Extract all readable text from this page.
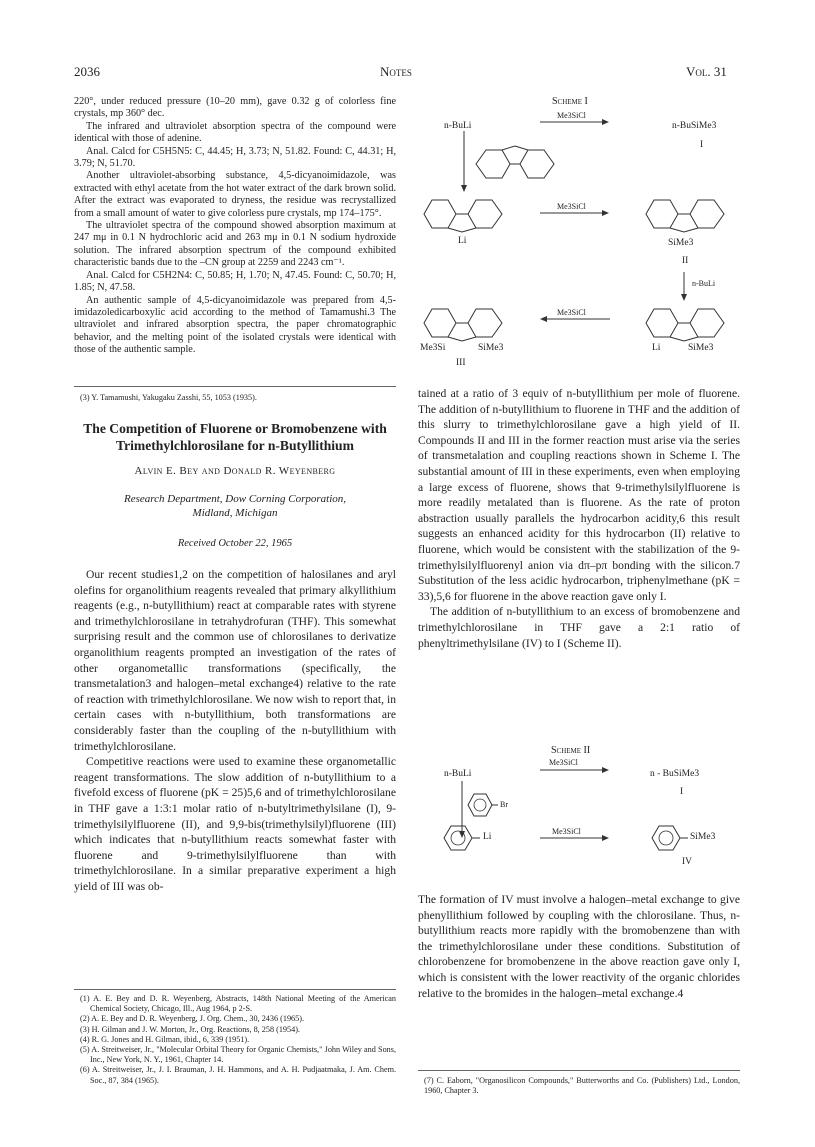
2036	Notes	Vol. 31

220°, under reduced pressure (10–20 mm), gave 0.32 g of colorless fine crystals, mp 360° dec.

The infrared and ultraviolet absorption spectra of the compound were identical with those of adenine.

Anal. Calcd for C5H5N5: C, 44.45; H, 3.73; N, 51.82. Found: C, 44.31; H, 3.79; N, 51.70.

Another ultraviolet-absorbing substance, 4,5-dicyanoimidazole, was extracted with ethyl acetate from the hot water extract of the dark brown solid. After the extract was evaporated to dryness, the residue was recrystallized from a small amount of water to give colorless pure crystals, mp 174–175°.

The ultraviolet spectra of the compound showed absorption maximum at 247 mμ in 0.1 N hydrochloric acid and 263 mμ in 0.1 N sodium hydroxide solution. The infrared absorption spectrum of the compound exhibited characteristic bands due to the –CN group at 2259 and 2243 cm⁻¹.

Anal. Calcd for C5H2N4: C, 50.85; H, 1.70; N, 47.45. Found: C, 50.70; H, 1.85; N, 47.58.

An authentic sample of 4,5-dicyanoimidazole was prepared from 4,5-imidazoledicarboxylic acid according to the method of Tamamushi.3 The ultraviolet and infrared absorption spectra, the paper chromatographic behavior, and the melting point of the isolated crystals were identical with those of the authentic sample.

(3) Y. Tamamushi, Yakugaku Zasshi, 55, 1053 (1935).
The Competition of Fluorene or Bromobenzene with Trimethylchlorosilane for n-Butyllithium
Alvin E. Bey and Donald R. Weyenberg
Research Department, Dow Corning Corporation,
Midland, Michigan
Received October 22, 1965

Our recent studies1,2 on the competition of halosilanes and aryl olefins for organolithium reagents revealed that primary alkyllithium reagents (e.g., n-butyllithium) react at comparable rates with styrene and trimethylchlorosilane in tetrahydrofuran (THF). This somewhat surprising result and the common use of chlorosilanes to derivatize organolithium reagents prompted an investigation of the rates of other organometallic transformations (specifically, the transmetalation3 and halogen–metal exchange4) relative to the rate of reaction with trimethylchlorosilane. We now wish to report that, in certain cases with n-butyllithium, both transformations are considerably faster than the coupling of the n-butyllithium with trimethylchlorosilane.

Competitive reactions were used to examine these organometallic reagent transformations. The slow addition of n-butyllithium to a fivefold excess of fluorene (pK = 25)5,6 and of trimethylchlorosilane in THF gave a 1:3:1 molar ratio of n-butyltrimethylsilane (I), 9-trimethylsilylfluorene (II), and 9,9-bis(trimethylsilyl)fluorene (III) which indicates that n-butyllithium reacts somewhat faster with fluorene and 9-trimethylsilylfluorene than with trimethylchlorosilane. In a similar preparative experiment a high yield of III was ob-

(1) A. E. Bey and D. R. Weyenberg, Abstracts, 148th National Meeting of the American Chemical Society, Chicago, Ill., Aug 1964, p 2-S.

(2) A. E. Bey and D. R. Weyenberg, J. Org. Chem., 30, 2436 (1965).

(3) H. Gilman and J. W. Morton, Jr., Org. Reactions, 8, 258 (1954).

(4) R. G. Jones and H. Gilman, ibid., 6, 339 (1951).

(5) A. Streitweiser, Jr., "Molecular Orbital Theory for Organic Chemists," John Wiley and Sons, Inc., New York, N. Y., 1961, Chapter 14.

(6) A. Streitweiser, Jr., J. I. Brauman, J. H. Hammons, and A. H. Pudjaatmaka, J. Am. Chem. Soc., 87, 384 (1965).

Scheme I
n-BuLi
Me3SiCl
n-BuSiMe3
I
Li
Me3SiCl
SiMe3
II
n-BuLi
Me3Si	SiMe3
III
Me3SiCl
Li	SiMe3

tained at a ratio of 3 equiv of n-butyllithium per mole of fluorene. The addition of n-butyllithium to fluorene in THF and the addition of this slurry to trimethylchlorosilane gave a high yield of II. Compounds II and III in the former reaction must arise via the series of transmetalation and coupling reactions shown in Scheme I. The substantial amount of III in these experiments, even when employing a large excess of fluorene, shows that 9-trimethylsilylfluorene is more readily metalated than is fluorene. As the rate of proton abstraction usually parallels the hydrocarbon acidity,6 this result suggests an enhanced acidity for this hydrocarbon (II) relative to fluorene, which would be consistent with the stabilization of the 9-trimethylsilylfluorenyl anion via dπ–pπ bonding with the silicon.7 Substitution of the less acidic hydrocarbon, triphenylmethane (pK = 33),5,6 for fluorene in the above reaction gave only I.

The addition of n-butyllithium to an excess of bromobenzene and trimethylchlorosilane in THF gave a 2:1 ratio of phenyltrimethylsilane (IV) to I (Scheme II).

Scheme II
Me3SiCl
n-BuLi	n - BuSiMe3
I
Br
Li
Me3SiCl
SiMe3
IV

The formation of IV must involve a halogen–metal exchange to give phenyllithium followed by coupling with the chlorosilane. Thus, n-butyllithium reacts more rapidly with the bromobenzene than with the trimethylchlorosilane under these conditions. Substitution of chlorobenzene for bromobenzene in the above reaction gave only I, which is consistent with the lower reactivity of the organic chlorides relative to the bromides in the halogen–metal exchange.4

(7) C. Eaborn, "Organosilicon Compounds," Butterworths and Co. (Publishers) Ltd., London, 1960, Chapter 3.
